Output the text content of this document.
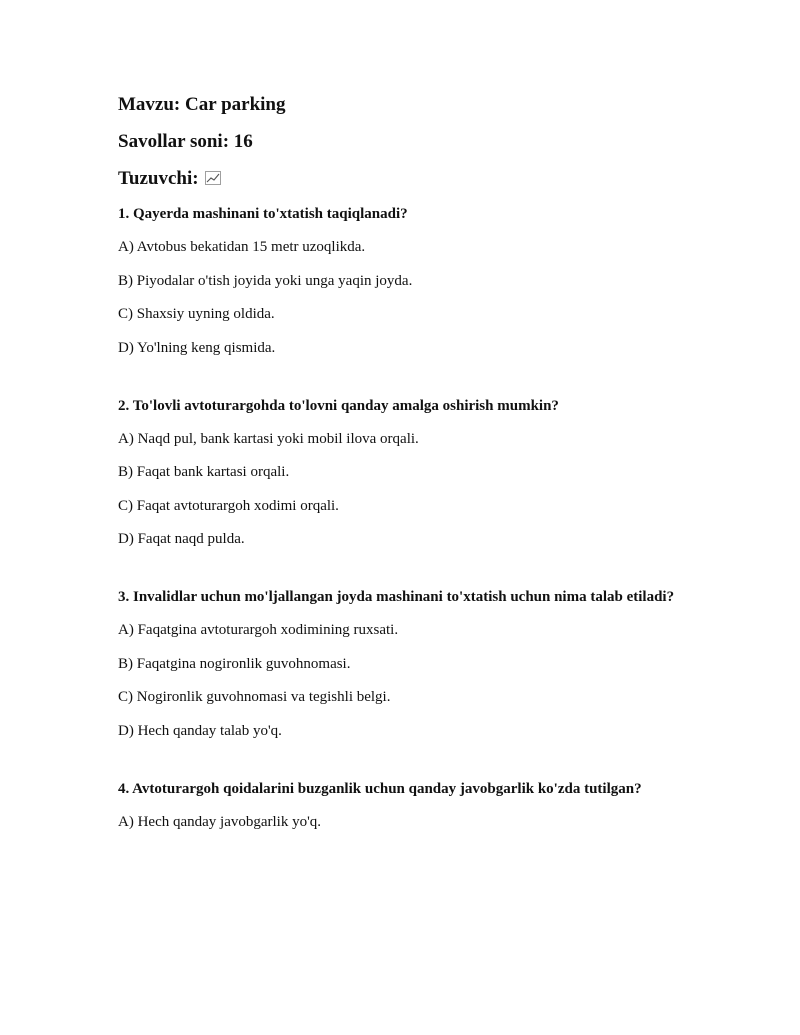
Mavzu: Car parking

Savollar soni: 16

Tuzuvchi:

1. Qayerda mashinani to'xtatish taqiqlanadi?

A) Avtobus bekatidan 15 metr uzoqlikda.

B) Piyodalar o'tish joyida yoki unga yaqin joyda.

C) Shaxsiy uyning oldida.

D) Yo'lning keng qismida.

2. To'lovli avtoturargohda to'lovni qanday amalga oshirish mumkin?

A) Naqd pul, bank kartasi yoki mobil ilova orqali.

B) Faqat bank kartasi orqali.

C) Faqat avtoturargoh xodimi orqali.

D) Faqat naqd pulda.

3. Invalidlar uchun mo'ljallangan joyda mashinani to'xtatish uchun nima talab etiladi?

A) Faqatgina avtoturargoh xodimining ruxsati.

B) Faqatgina nogironlik guvohnomasi.

C) Nogironlik guvohnomasi va tegishli belgi.

D) Hech qanday talab yo'q.

4. Avtoturargoh qoidalarini buzganlik uchun qanday javobgarlik ko'zda tutilgan?

A) Hech qanday javobgarlik yo'q.
